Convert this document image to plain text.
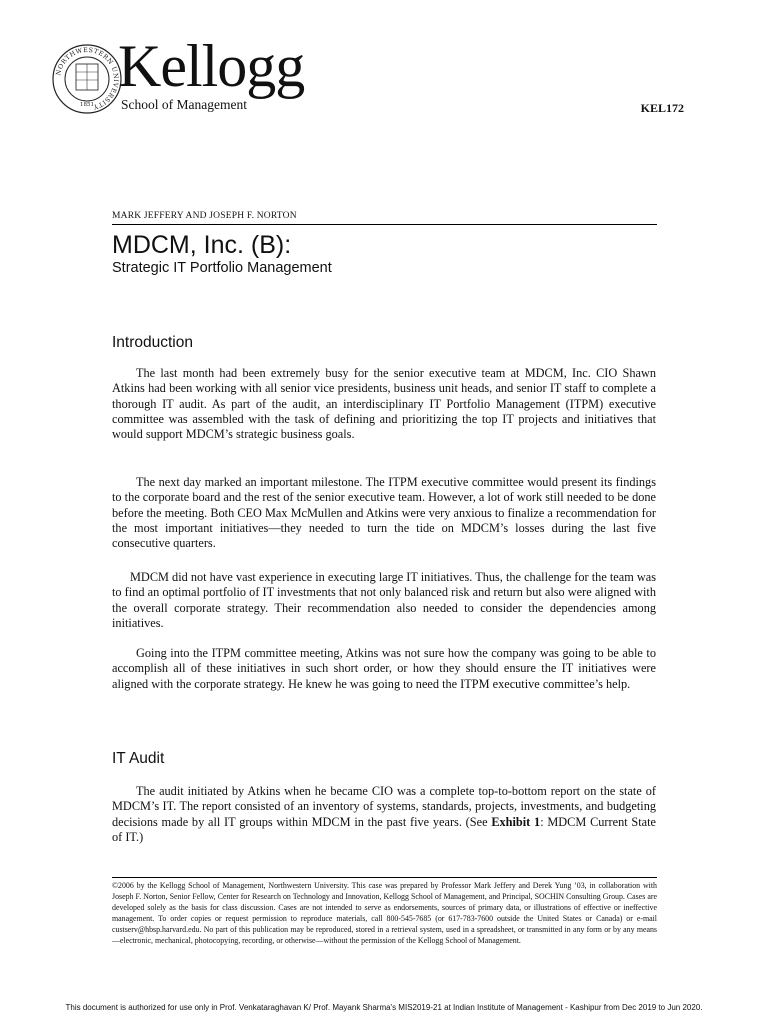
NORTHWESTERN UNIVERSITY
1851
Kellogg
School of Management	KEL172
MARK JEFFERY AND JOSEPH F. NORTON
MDCM, Inc. (B):
Strategic IT Portfolio Management
Introduction

The last month had been extremely busy for the senior executive team at MDCM, Inc. CIO Shawn Atkins had been working with all senior vice presidents, business unit heads, and senior IT staff to complete a thorough IT audit. As part of the audit, an interdisciplinary IT Portfolio Management (ITPM) executive committee was assembled with the task of defining and prioritizing the top IT projects and initiatives that would support MDCM’s strategic business goals.

The next day marked an important milestone. The ITPM executive committee would present its findings to the corporate board and the rest of the senior executive team. However, a lot of work still needed to be done before the meeting. Both CEO Max McMullen and Atkins were very anxious to finalize a recommendation for the most important initiatives—they needed to turn the tide on MDCM’s losses during the last five consecutive quarters.

MDCM did not have vast experience in executing large IT initiatives. Thus, the challenge for the team was to find an optimal portfolio of IT investments that not only balanced risk and return but also were aligned with the overall corporate strategy. Their recommendation also needed to consider the dependencies among initiatives.

Going into the ITPM committee meeting, Atkins was not sure how the company was going to be able to accomplish all of these initiatives in such short order, or how they should ensure the IT initiatives were aligned with the corporate strategy. He knew he was going to need the ITPM executive committee’s help.

IT Audit

The audit initiated by Atkins when he became CIO was a complete top-to-bottom report on the state of MDCM’s IT. The report consisted of an inventory of systems, standards, projects, investments, and budgeting decisions made by all IT groups within MDCM in the past five years. (See Exhibit 1: MDCM Current State of IT.)

©2006 by the Kellogg School of Management, Northwestern University. This case was prepared by Professor Mark Jeffery and Derek Yung ’03, in collaboration with Joseph F. Norton, Senior Fellow, Center for Research on Technology and Innovation, Kellogg School of Management, and Principal, SOCHIN Consulting Group. Cases are developed solely as the basis for class discussion. Cases are not intended to serve as endorsements, sources of primary data, or illustrations of effective or ineffective management. To order copies or request permission to reproduce materials, call 800-545-7685 (or 617-783-7600 outside the United States or Canada) or e-mail custserv@hbsp.harvard.edu. No part of this publication may be reproduced, stored in a retrieval system, used in a spreadsheet, or transmitted in any form or by any means—electronic, mechanical, photocopying, recording, or otherwise—without the permission of the Kellogg School of Management.

This document is authorized for use only in Prof. Venkataraghavan K/ Prof. Mayank Sharma's MIS2019-21 at Indian Institute of Management - Kashipur from Dec 2019 to Jun 2020.
